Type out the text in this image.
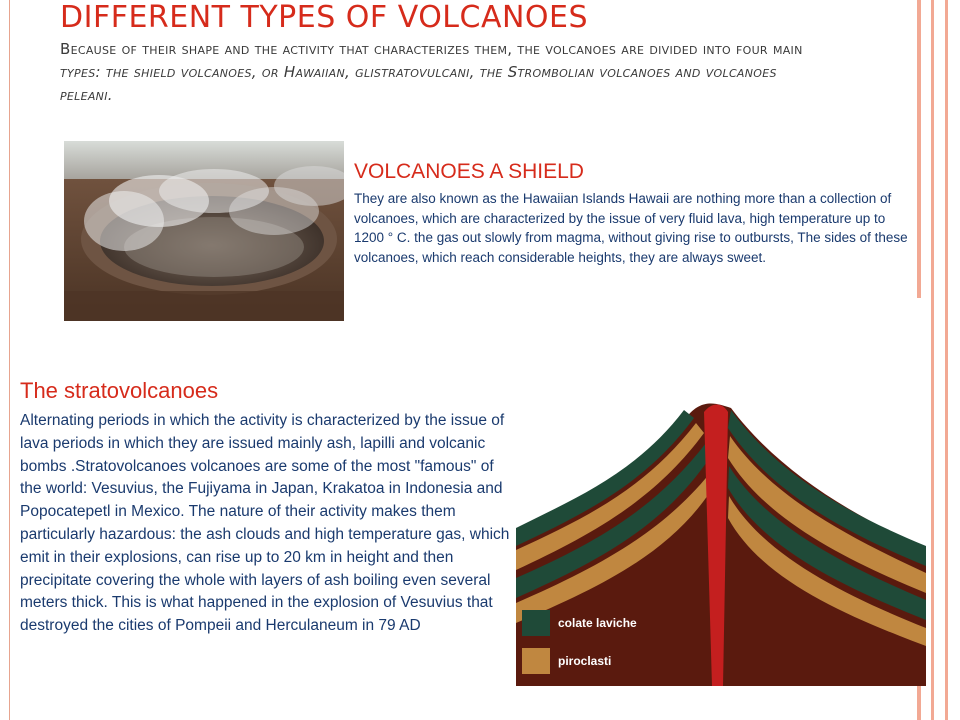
DIFFERENT TYPES OF VOLCANOES
Because of their shape and the activity that characterizes them, the volcanoes are divided into four main types: the shield volcanoes, or Hawaiian, glistratovulcani, the Strombolian volcanoes and volcanoes peleani.
VOLCANOES A SHIELD
They are also known as the Hawaiian Islands Hawaii are nothing more than a collection of volcanoes, which are characterized by the issue of very fluid lava, high temperature up to 1200 ° C. the gas out slowly from magma, without giving rise to outbursts, The sides of these volcanoes, which reach considerable heights, they are always sweet.
The stratovolcanoes
Alternating periods in which the activity is characterized by the issue of lava periods in which they are issued mainly ash, lapilli and volcanic bombs .Stratovolcanoes volcanoes are some of the most "famous" of the world: Vesuvius, the Fujiyama in Japan, Krakatoa in Indonesia and Popocatepetl in Mexico. The nature of their activity makes them particularly hazardous: the ash clouds and high temperature gas, which emit in their explosions, can rise up to 20 km in height and then precipitate covering the whole with layers of ash boiling even several meters thick. This is what happened in the explosion of Vesuvius that destroyed the cities of Pompeii and Herculaneum in 79 AD	colate laviche
piroclasti
